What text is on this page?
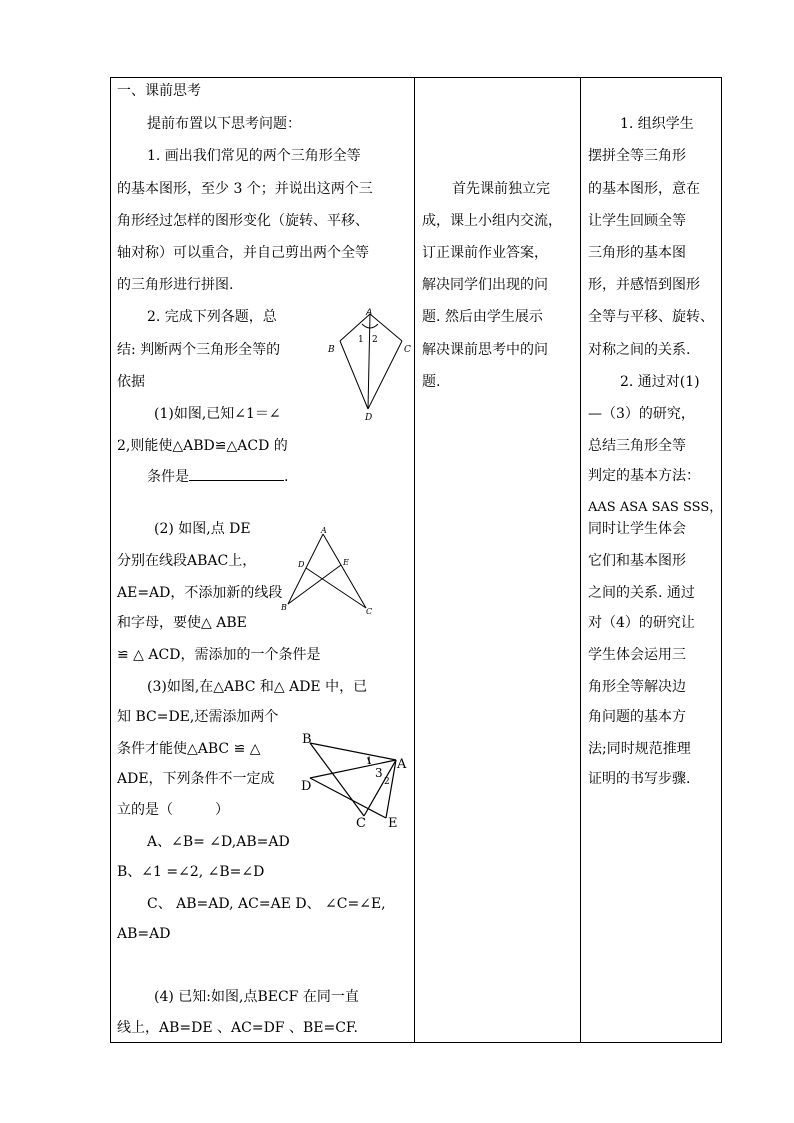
一、课前思考
提前布置以下思考问题：
1. 画出我们常见的两个三角形全等
的基本图形，至少 3 个；并说出这两个三
角形经过怎样的图形变化（旋转、平移、
轴对称）可以重合，并自己剪出两个全等
的三角形进行拼图.
2. 完成下列各题，总
结: 判断两个三角形全等的
依据
(1)如图,已知∠1＝∠
2,则能使△ABD≌△ACD 的
条件是	.
(2) 如图,点 DE
分别在线段ABAC上，
AE=AD，不添加新的线段
和字母，要使△ ABE
≌ △ ACD，需添加的一个条件是
(3)如图,在△ABC 和△ ADE 中，已
知 BC=DE,还需添加两个
条件才能使△ABC ≌ △
ADE，下列条件不一定成
立的是（　　　）
A、∠B= ∠D,AB=AD
B、∠1 =∠2, ∠B=∠D
C、 AB=AD, AC=AE D、 ∠C=∠E,
AB=AD
(4) 已知:如图,点BECF 在同一直
线上，AB=DE 、AC=DF 、BE=CF.
A
1 2
B	C
D
A
D	E
B	C
B
1 A
3
2
D
C E
首先课前独立完
成，课上小组内交流，
订正课前作业答案，
解决同学们出现的问
题. 然后由学生展示
解决课前思考中的问
题.
1. 组织学生
摆拼全等三角形
的基本图形，意在
让学生回顾全等
三角形的基本图
形，并感悟到图形
全等与平移、旋转、
对称之间的关系.
2. 通过对(1)
—（3）的研究，
总结三角形全等
判定的基本方法：
AAS ASA SAS SSS，
同时让学生体会
它们和基本图形
之间的关系. 通过
对（4）的研究让
学生体会运用三
角形全等解决边
角问题的基本方
法;同时规范推理
证明的书写步骤.
